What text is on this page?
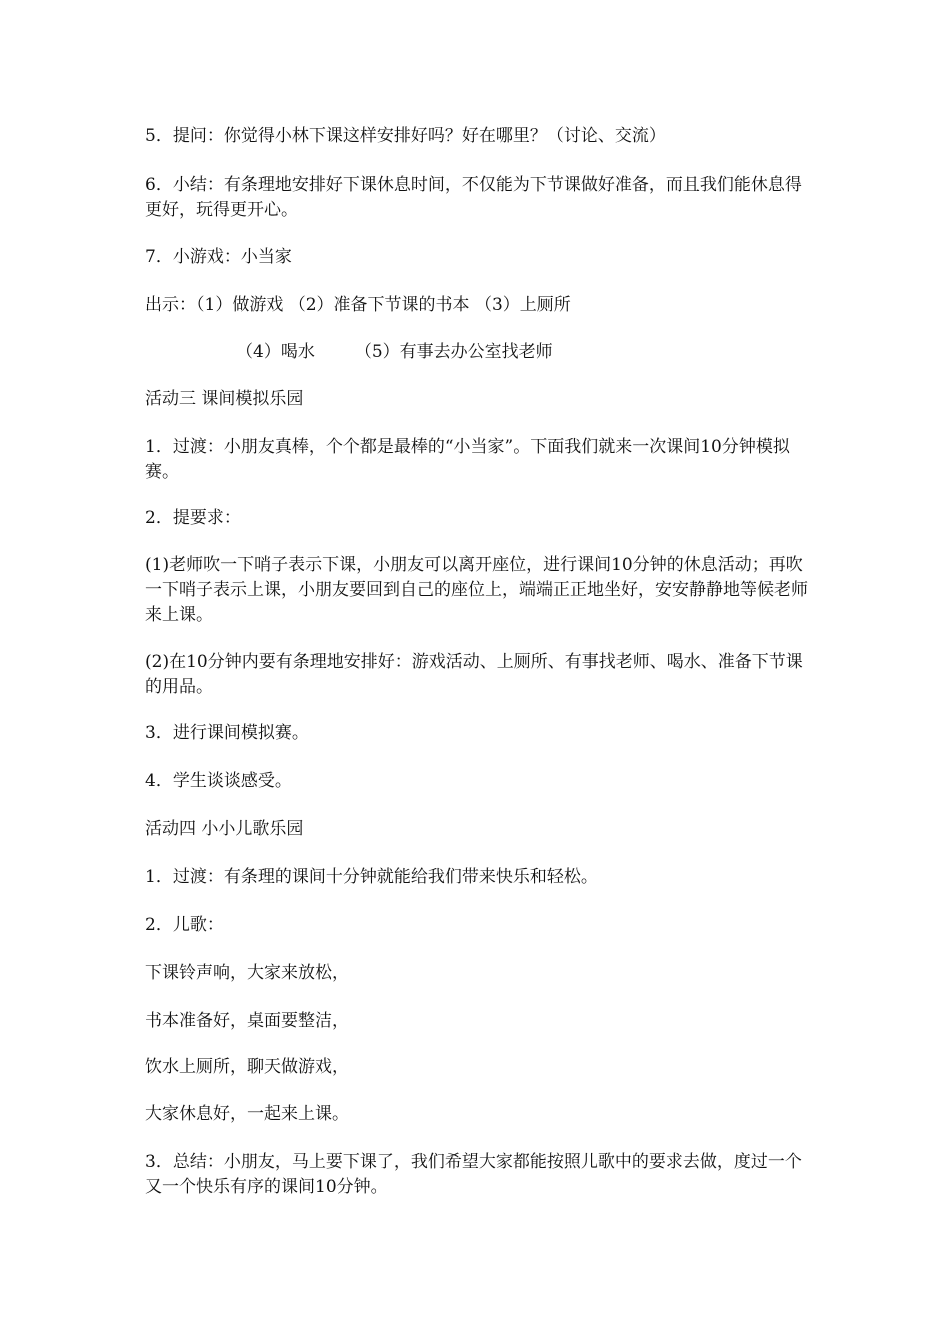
5．提问：你觉得小林下课这样安排好吗？好在哪里？（讨论、交流）
6．小结：有条理地安排好下课休息时间，不仅能为下节课做好准备，而且我们能休息得更好，玩得更开心。
7．小游戏：小当家
出示：（1）做游戏 （2）准备下节课的书本 （3）上厕所
（4）喝水 （5）有事去办公室找老师
活动三 课间模拟乐园
1．过渡：小朋友真棒，个个都是最棒的“小当家”。下面我们就来一次课间10分钟模拟赛。
2．提要求：
(1)老师吹一下哨子表示下课，小朋友可以离开座位，进行课间10分钟的休息活动；再吹一下哨子表示上课，小朋友要回到自己的座位上，端端正正地坐好，安安静静地等候老师来上课。
(2)在10分钟内要有条理地安排好：游戏活动、上厕所、有事找老师、喝水、准备下节课的用品。
3．进行课间模拟赛。
4．学生谈谈感受。
活动四 小小儿歌乐园
1．过渡：有条理的课间十分钟就能给我们带来快乐和轻松。
2．儿歌：
下课铃声响，大家来放松，
书本准备好，桌面要整洁，
饮水上厕所，聊天做游戏，
大家休息好，一起来上课。
3．总结：小朋友，马上要下课了，我们希望大家都能按照儿歌中的要求去做，度过一个又一个快乐有序的课间10分钟。
